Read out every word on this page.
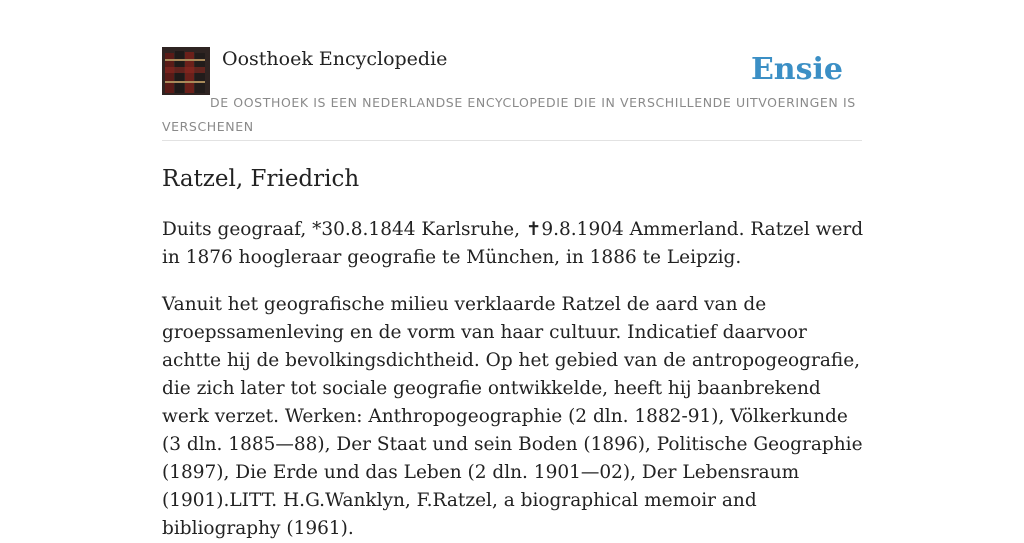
Oosthoek Encyclopedie	Ensie
DE OOSTHOEK IS EEN NEDERLANDSE ENCYCLOPEDIE DIE IN VERSCHILLENDE UITVOERINGEN IS VERSCHENEN
Ratzel, Friedrich

Duits geograaf, *30.8.1844 Karlsruhe, ✝9.8.1904 Ammerland. Ratzel werd in 1876 hoogleraar geografie te München, in 1886 te Leipzig.

Vanuit het geografische milieu verklaarde Ratzel de aard van de groepssamenleving en de vorm van haar cultuur. Indicatief daarvoor achtte hij de bevolkingsdichtheid. Op het gebied van de antropogeografie, die zich later tot sociale geografie ontwikkelde, heeft hij baanbrekend werk verzet. Werken: Anthropogeographie (2 dln. 1882-91), Völkerkunde (3 dln. 1885—88), Der Staat und sein Boden (1896), Politische Geographie (1897), Die Erde und das Leben (2 dln. 1901—02), Der Lebensraum (1901).LITT. H.G.Wanklyn, F.Ratzel, a biographical memoir and bibliography (1961).
